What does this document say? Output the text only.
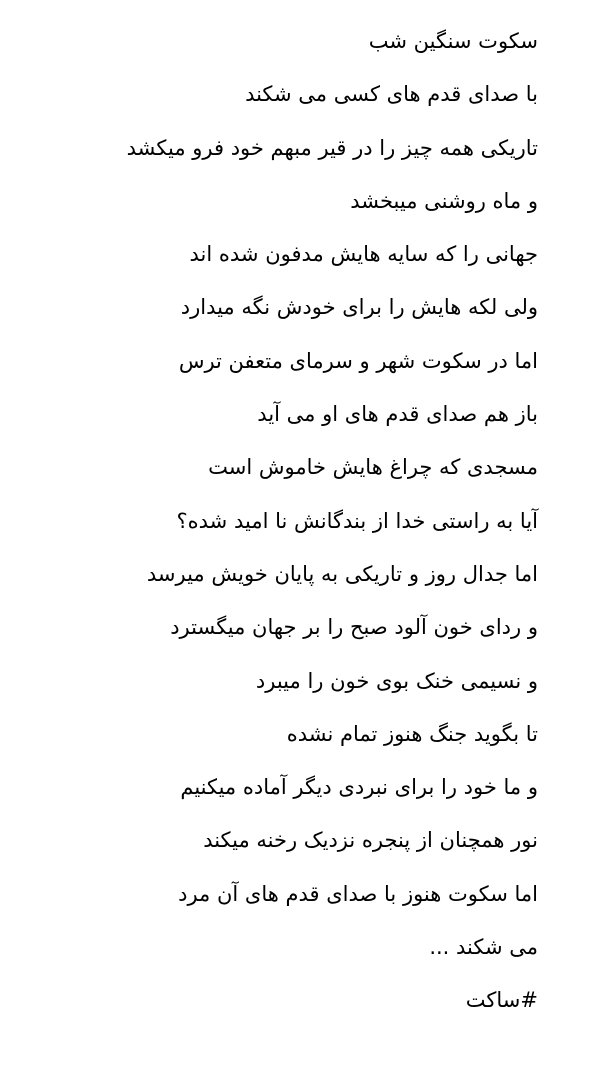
سکوت سنگین شب
با صدای قدم های کسی می شکند
تاریکی همه چیز را در قیر مبهم خود فرو میکشد
و ماه روشنی میبخشد
جهانی را که سایه هایش مدفون شده اند
ولی لکه هایش را برای خودش نگه میدارد
اما در سکوت شهر و سرمای متعفن ترس
باز هم صدای قدم های او می آید
مسجدی که چراغ هایش خاموش است
آیا به راستی خدا از بندگانش نا امید شده؟
اما جدال روز و تاریکی به پایان خویش میرسد
و ردای خون آلود صبح را بر جهان میگسترد
و نسیمی خنک بوی خون را میبرد
تا بگوید جنگ هنوز تمام نشده
و ما خود را برای نبردی دیگر آماده میکنیم
نور همچنان از پنجره نزدیک رخنه میکند
اما سکوت هنوز با صدای قدم های آن مرد
می شکند ...
#ساکت
